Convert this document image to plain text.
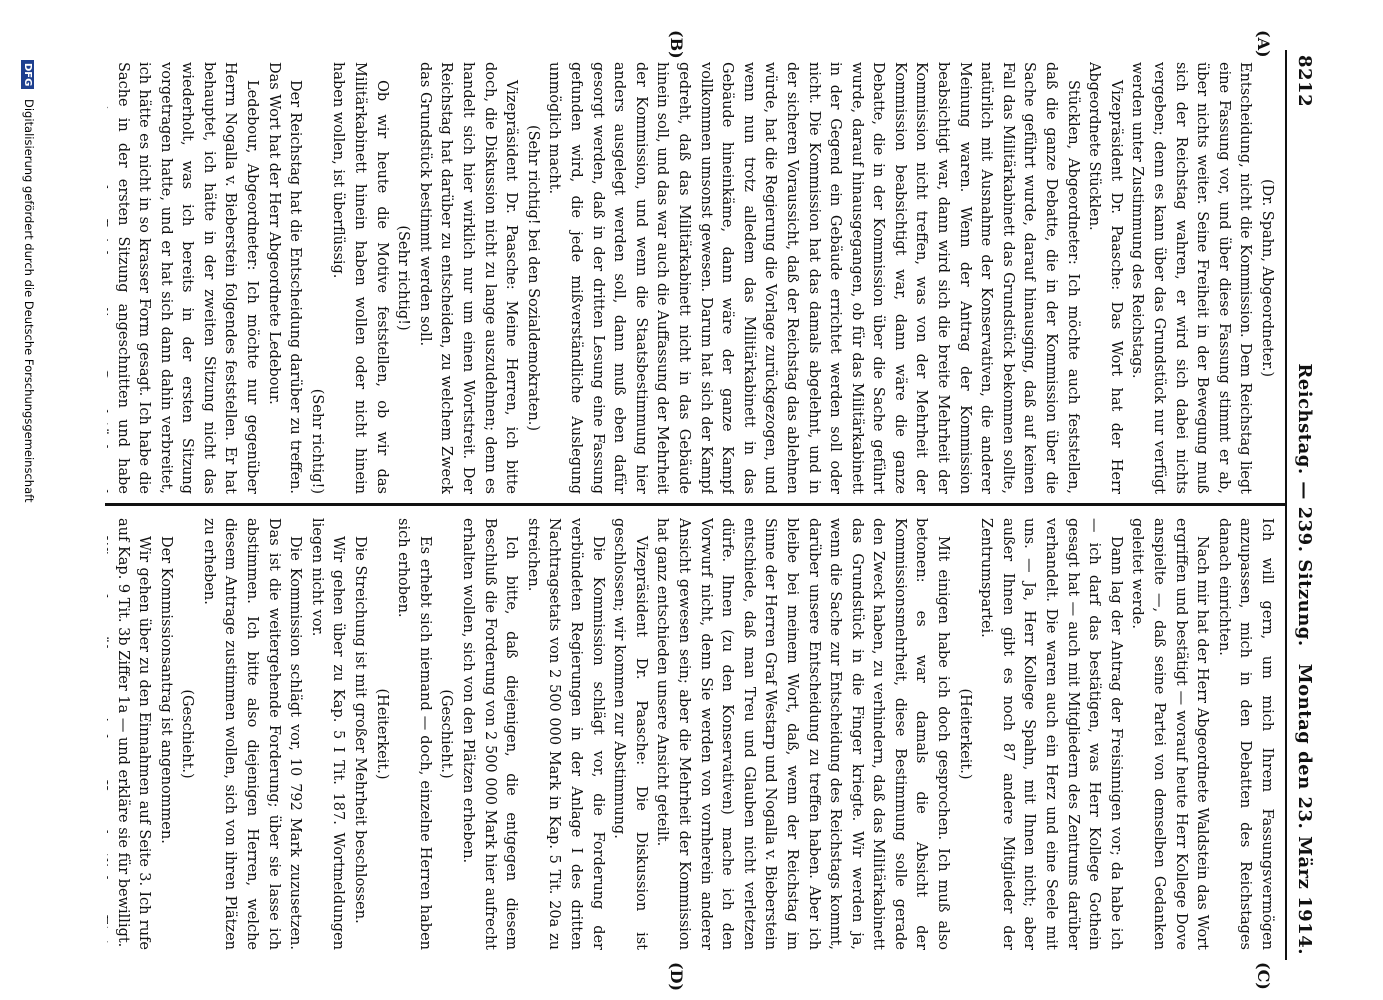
8212
Reichstag. — 239. Sitzung.
Montag den 23. März 1914.
(A)
(B)
(C)
(D)

(Dr. Spahn, Abgeordneter.)

Entscheidung, nicht die Kommission. Dem Reichstag liegt eine Fassung vor, und über diese Fassung stimmt er ab, über nichts weiter. Seine Freiheit in der Bewegung muß sich der Reichstag wahren, er wird sich dabei nichts vergeben; denn es kann über das Grundstück nur verfügt werden unter Zustimmung des Reichstags.

Vizepräsident Dr. Paasche: Das Wort hat der Herr Abgeordnete Stücklen.

Stücklen, Abgeordneter: Ich möchte auch feststellen, daß die ganze Debatte, die in der Kommission über die Sache geführt wurde, darauf hinausging, daß auf keinen Fall das Militärkabinett das Grundstück bekommen sollte, natürlich mit Ausnahme der Konservativen, die anderer Meinung waren. Wenn der Antrag der Kommission beabsichtigt war, dann wird sich die breite Mehrheit der Kommission nicht treffen, was von der Mehrheit der Kommission beabsichtigt war, dann wäre die ganze Debatte, die in der Kommission über die Sache geführt wurde, darauf hinausgegangen, ob für das Militärkabinett in der Gegend ein Gebäude errichtet werden soll oder nicht. Die Kommission hat das damals abgelehnt, und in der sicheren Voraussicht, daß der Reichstag das ablehnen würde, hat die Regierung die Vorlage zurückgezogen, und wenn nun trotz alledem das Militärkabinett in das Gebäude hineinkäme, dann wäre der ganze Kampf vollkommen umsonst gewesen. Darum hat sich der Kampf gedreht, daß das Militärkabinett nicht in das Gebäude hinein soll, und das war auch die Auffassung der Mehrheit der Kommission, und wenn die Staatsbestimmung hier anders ausgelegt werden soll, dann muß eben dafür gesorgt werden, daß in der dritten Lesung eine Fassung gefunden wird, die jede mißverständliche Auslegung unmöglich macht.

(Sehr richtig! bei den Sozialdemokraten.)

Vizepräsident Dr. Paasche: Meine Herren, ich bitte doch, die Diskussion nicht zu lange auszudehnen; denn es handelt sich hier wirklich nur um einen Wortstreit. Der Reichstag hat darüber zu entscheiden, zu welchem Zweck das Grundstück bestimmt werden soll.

(Sehr richtig!)

Ob wir heute die Motive feststellen, ob wir das Militärkabinett hinein haben wollen oder nicht hinein haben wollen, ist überflüssig.

(Sehr richtig!)

Der Reichstag hat die Entscheidung darüber zu treffen. Das Wort hat der Herr Abgeordnete Ledebour.

Ledebour, Abgeordneter: Ich möchte nur gegenüber Herrn Nogalla v. Bieberstein folgendes feststellen. Er hat behauptet, ich hätte in der zweiten Sitzung nicht das wiederholt, was ich bereits in der ersten Sitzung vorgetragen hatte, und er hat sich dann dahin verbreitet, ich hätte es nicht in so krasser Form gesagt. Ich habe die Sache in der ersten Sitzung angeschnitten und habe

Ich will gern, um mich Ihrem Fassungsvermögen anzupassen, mich in den Debatten des Reichstages danach einrichten.

Nach mir hat der Herr Abgeordnete Waldstein das Wort ergriffen und bestätigt — worauf heute Herr Kollege Dove anspielte —, daß seine Partei von demselben Gedanken geleitet werde.

Dann lag der Antrag der Freisinnigen vor; da habe ich — ich darf das bestätigen, was Herr Kollege Gothein gesagt hat — auch mit Mitgliedern des Zentrums darüber verhandelt. Die waren auch ein Herz und eine Seele mit uns. — Ja, Herr Kollege Spahn, mit Ihnen nicht; aber außer Ihnen gibt es noch 87 andere Mitglieder der Zentrumspartei.

(Heiterkeit.)

Mit einigen habe ich doch gesprochen. Ich muß also betonen: es war damals die Absicht der Kommissionsmehrheit, diese Bestimmung solle gerade den Zweck haben, zu verhindern, daß das Militärkabinett das Grundstück in die Finger kriegte. Wir werden ja, wenn die Sache zur Entscheidung des Reichstags kommt, darüber unsere Entscheidung zu treffen haben. Aber ich bleibe bei meinem Wort, daß, wenn der Reichstag im Sinne der Herren Graf Westarp und Nogalla v. Bieberstein entschiede, daß man Treu und Glauben nicht verletzen dürfe. Ihnen (zu den Konservativen) mache ich den Vorwurf nicht, denn Sie werden von vornherein anderer Ansicht gewesen sein; aber die Mehrheit der Kommission hat ganz entschieden unsere Ansicht geteilt.

Vizepräsident Dr. Paasche: Die Diskussion ist geschlossen; wir kommen zur Abstimmung.

Die Kommission schlägt vor, die Forderung der verbündeten Regierungen in der Anlage I des dritten Nachtragsetats von 2 500 000 Mark in Kap. 5 Tit. 20a zu streichen.

Ich bitte, daß diejenigen, die entgegen diesem Beschluß die Forderung von 2 500 000 Mark hier aufrecht erhalten wollen, sich von den Plätzen erheben.

(Geschieht.)

Es erhebt sich niemand — doch, einzelne Herren haben sich erhoben.

(Heiterkeit.)

Die Streichung ist mit großer Mehrheit beschlossen.

Wir gehen über zu Kap. 5 I Tit. 187. Wortmeldungen liegen nicht vor.

Die Kommission schlägt vor, 10 792 Mark zuzusetzen. Das ist die weitergehende Forderung; über sie lasse ich abstimmen. Ich bitte also diejenigen Herren, welche diesem Antrage zustimmen wollen, sich von ihren Plätzen zu erheben.

(Geschieht.)

Der Kommissionsantrag ist angenommen.

Wir gehen über zu den Einnahmen auf Seite 3. Ich rufe auf Kap. 9 Tit. 3b Ziffer 1a — und erkläre sie für bewilligt.

DFG Digitalisierung gefördert durch die Deutsche Forschungsgemeinschaft
